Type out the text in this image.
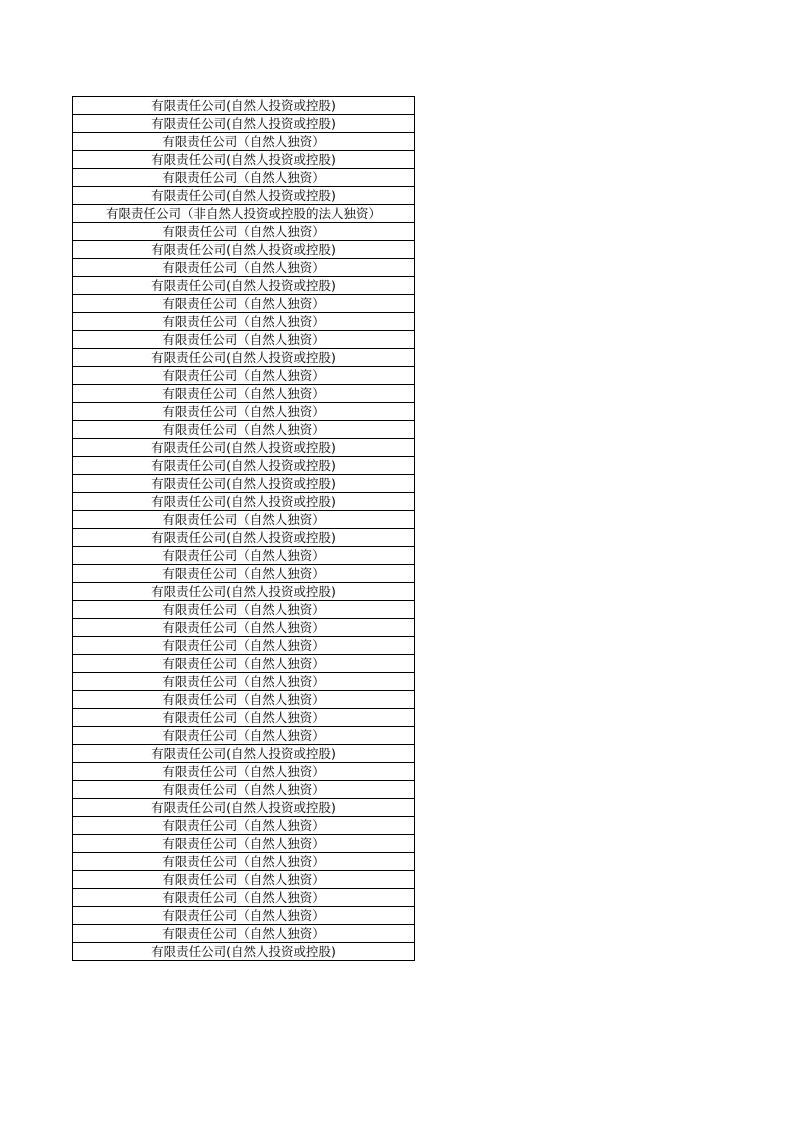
有限责任公司(自然人投资或控股)
有限责任公司(自然人投资或控股)
有限责任公司（自然人独资）
有限责任公司(自然人投资或控股)
有限责任公司（自然人独资）
有限责任公司(自然人投资或控股)
有限责任公司（非自然人投资或控股的法人独资）
有限责任公司（自然人独资）
有限责任公司(自然人投资或控股)
有限责任公司（自然人独资）
有限责任公司(自然人投资或控股)
有限责任公司（自然人独资）
有限责任公司（自然人独资）
有限责任公司（自然人独资）
有限责任公司(自然人投资或控股)
有限责任公司（自然人独资）
有限责任公司（自然人独资）
有限责任公司（自然人独资）
有限责任公司（自然人独资）
有限责任公司(自然人投资或控股)
有限责任公司(自然人投资或控股)
有限责任公司(自然人投资或控股)
有限责任公司(自然人投资或控股)
有限责任公司（自然人独资）
有限责任公司(自然人投资或控股)
有限责任公司（自然人独资）
有限责任公司（自然人独资）
有限责任公司(自然人投资或控股)
有限责任公司（自然人独资）
有限责任公司（自然人独资）
有限责任公司（自然人独资）
有限责任公司（自然人独资）
有限责任公司（自然人独资）
有限责任公司（自然人独资）
有限责任公司（自然人独资）
有限责任公司（自然人独资）
有限责任公司(自然人投资或控股)
有限责任公司（自然人独资）
有限责任公司（自然人独资）
有限责任公司(自然人投资或控股)
有限责任公司（自然人独资）
有限责任公司（自然人独资）
有限责任公司（自然人独资）
有限责任公司（自然人独资）
有限责任公司（自然人独资）
有限责任公司（自然人独资）
有限责任公司（自然人独资）
有限责任公司(自然人投资或控股)
